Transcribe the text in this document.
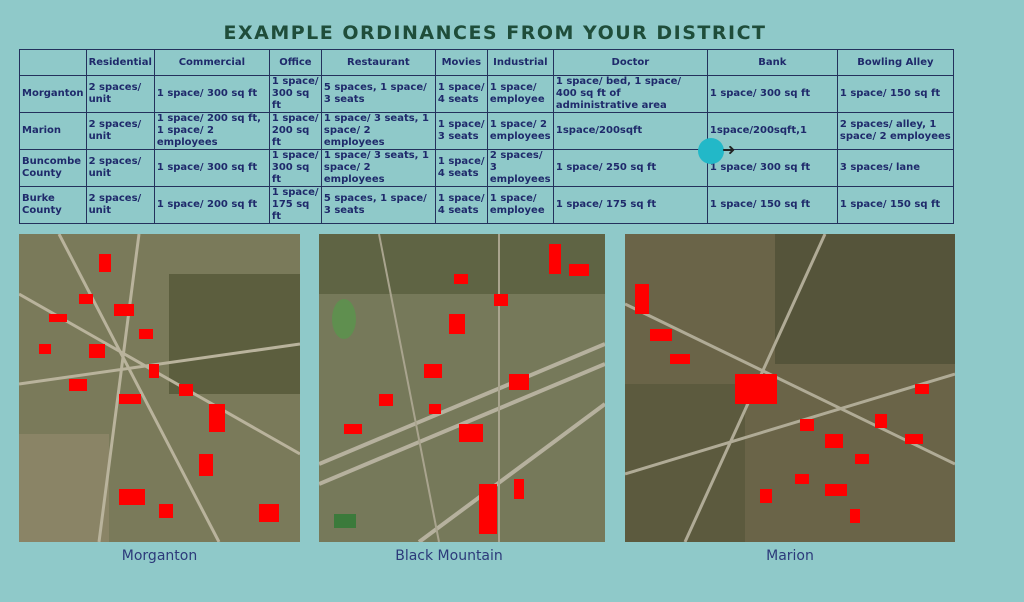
EXAMPLE ORDINANCES FROM YOUR DISTRICT
	Residential	Commercial	Office	Restaurant	Movies	Industrial	Doctor	Bank	Bowling Alley
Morganton	2 spaces/ unit	1 space/ 300 sq ft	1 space/ 300 sq ft	5 spaces, 1 space/ 3 seats	1 space/ 4 seats	1 space/ employee	1 space/ bed, 1 space/ 400 sq ft of administrative area	1 space/ 300 sq ft	1 space/ 150 sq ft
Marion	2 spaces/ unit	1 space/ 200 sq ft, 1 space/ 2 employees	1 space/ 200 sq ft	1 space/ 3 seats, 1 space/ 2 employees	1 space/ 3 seats	1 space/ 2 employees	1space/200sqft	1space/200sqft,1	2 spaces/ alley, 1 space/ 2 employees
Buncombe County	2 spaces/ unit	1 space/ 300 sq ft	1 space/ 300 sq ft	1 space/ 3 seats, 1 space/ 2 employees	1 space/ 4 seats	2 spaces/ 3 employees	1 space/ 250 sq ft	1 space/ 300 sq ft	3 spaces/ lane
Burke County	2 spaces/ unit	1 space/ 200 sq ft	1 space/ 175 sq ft	5 spaces, 1 space/ 3 seats	1 space/ 4 seats	1 space/ employee	1 space/ 175 sq ft	1 space/ 150 sq ft	1 space/ 150 sq ft
➜
Morganton	Black Mountain	Marion
